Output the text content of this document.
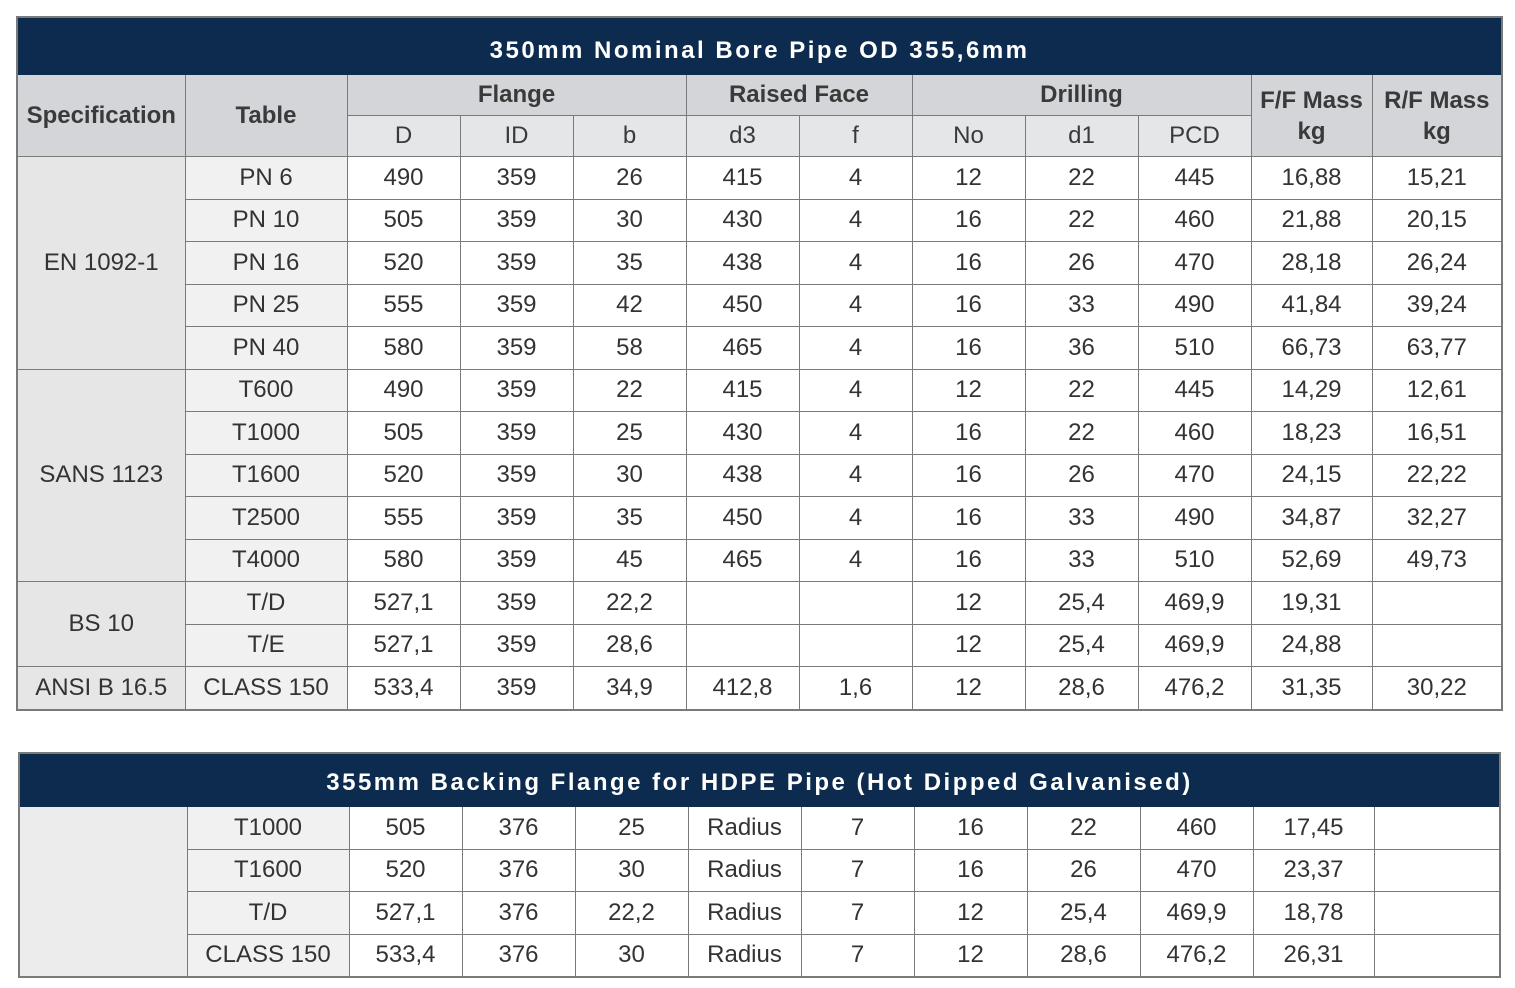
350mm Nominal Bore Pipe OD 355,6mm											
Specification	Table	Flange			Raised Face		Drilling			F/F Mass
kg	R/F Mass
kg
		D	ID	b	d3	f	No	d1	PCD		
EN 1092-1	PN 6	490	359	26	415	4	12	22	445	16,88	15,21
	PN 10	505	359	30	430	4	16	22	460	21,88	20,15
	PN 16	520	359	35	438	4	16	26	470	28,18	26,24
	PN 25	555	359	42	450	4	16	33	490	41,84	39,24
	PN 40	580	359	58	465	4	16	36	510	66,73	63,77
SANS 1123	T600	490	359	22	415	4	12	22	445	14,29	12,61
	T1000	505	359	25	430	4	16	22	460	18,23	16,51
	T1600	520	359	30	438	4	16	26	470	24,15	22,22
	T2500	555	359	35	450	4	16	33	490	34,87	32,27
	T4000	580	359	45	465	4	16	33	510	52,69	49,73
BS 10	T/D	527,1	359	22,2			12	25,4	469,9	19,31	
	T/E	527,1	359	28,6			12	25,4	469,9	24,88	
ANSI B 16.5	CLASS 150	533,4	359	34,9	412,8	1,6	12	28,6	476,2	31,35	30,22
355mm Backing Flange for HDPE Pipe (Hot Dipped Galvanised)											
	T1000	505	376	25	Radius	7	16	22	460	17,45	
	T1600	520	376	30	Radius	7	16	26	470	23,37	
	T/D	527,1	376	22,2	Radius	7	12	25,4	469,9	18,78	
	CLASS 150	533,4	376	30	Radius	7	12	28,6	476,2	26,31	
